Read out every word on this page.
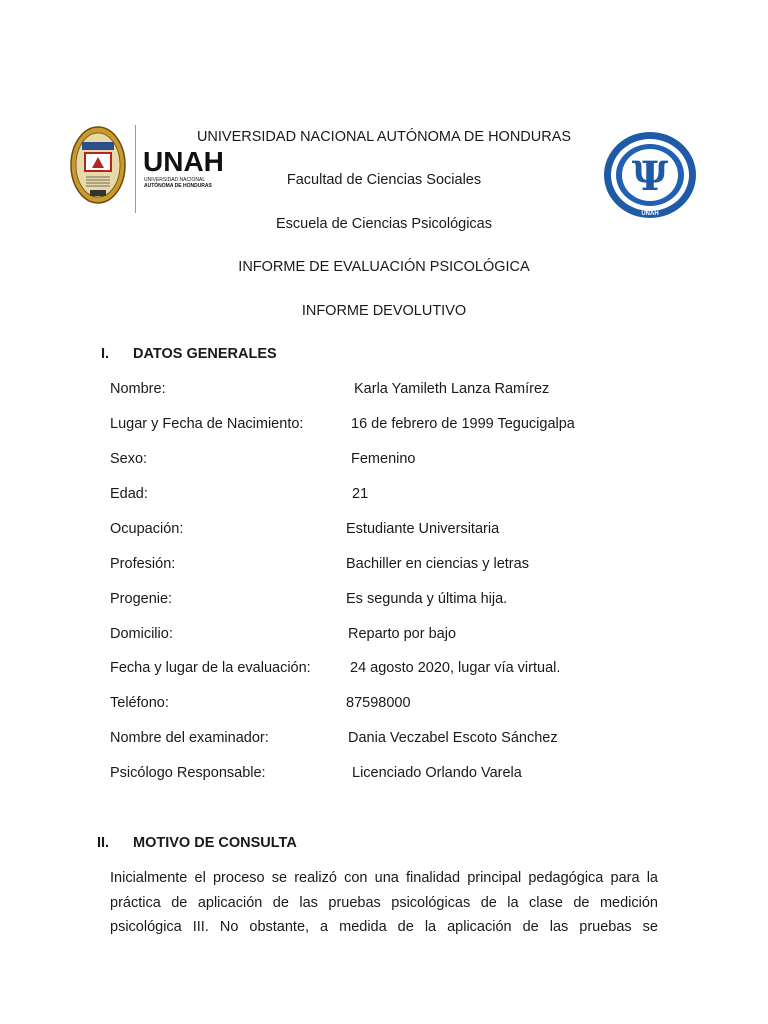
UNAH
UNIVERSIDAD NACIONAL
AUTÓNOMA DE HONDURAS	Ψ
UNAH
UNIVERSIDAD NACIONAL AUTÓNOMA DE HONDURAS
Facultad de Ciencias Sociales
Escuela de Ciencias Psicológicas
INFORME DE EVALUACIÓN PSICOLÓGICA
INFORME DEVOLUTIVO
I. DATOS GENERALES
Nombre:	Karla Yamileth Lanza Ramírez
Lugar y Fecha de Nacimiento:	16 de febrero de 1999 Tegucigalpa
Sexo:	Femenino
Edad:	21
Ocupación:	Estudiante Universitaria
Profesión:	Bachiller en ciencias y letras
Progenie:	Es segunda y última hija.
Domicilio:	Reparto por bajo
Fecha y lugar de la evaluación:	24 agosto 2020, lugar vía virtual.
Teléfono:	87598000
Nombre del examinador:	Dania Veczabel Escoto Sánchez
Psicólogo Responsable:	Licenciado Orlando Varela
II. MOTIVO DE CONSULTA
Inicialmente el proceso se realizó con una finalidad principal pedagógica para la
práctica de aplicación de las pruebas psicológicas de la clase de medición
psicológica III. No obstante, a medida de la aplicación de las pruebas se
